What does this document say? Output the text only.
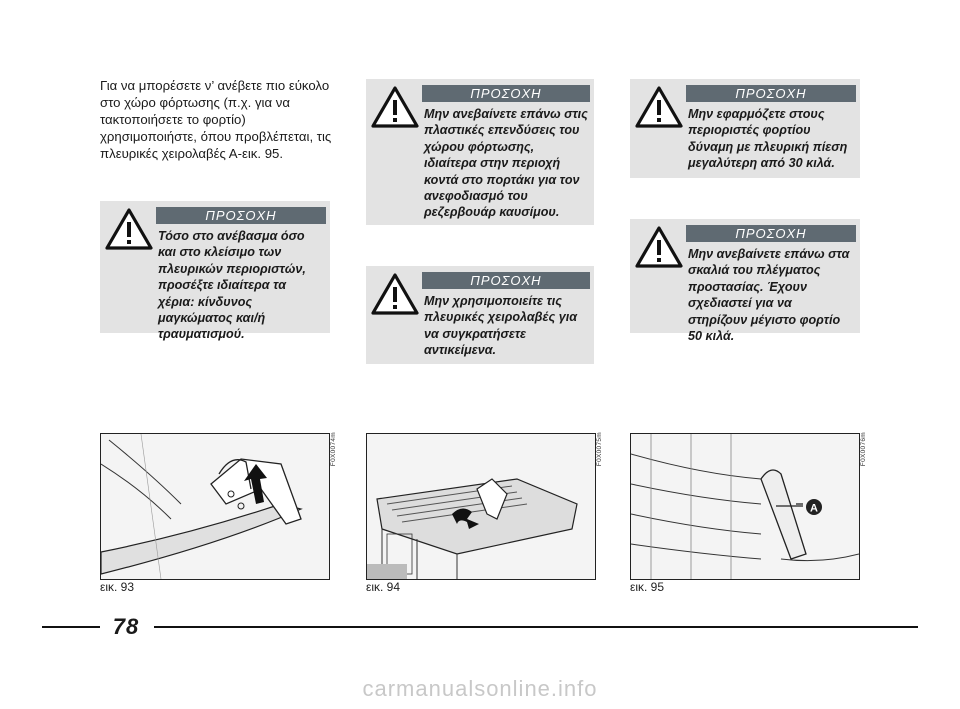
Για να μπορέσετε ν’ ανέβετε πιο εύκολο στο χώρο φόρτωσης (π.χ. για να τακτοποιήσετε το φορτίο) χρησιμοποιήστε, όπου προβλέπεται, τις πλευρικές χειρολαβές Α-εικ. 95.

ΠΡΟΣΟΧΗ

Τόσο στο ανέβασμα όσο και στο κλείσιμο των πλευρικών περιοριστών, προσέξτε ιδιαίτερα τα χέρια: κίνδυνος μαγκώματος και/ή τραυματισμού.

ΠΡΟΣΟΧΗ

Μην ανεβαίνετε επάνω στις πλαστικές επενδύσεις του χώρου φόρτωσης, ιδιαίτερα στην περιοχή κοντά στο πορτάκι για τον ανεφοδιασμό του ρεζερβουάρ καυσίμου.

ΠΡΟΣΟΧΗ

Μην χρησιμοποιείτε τις πλευρικές χειρολαβές για να συγκρατήσετε αντικείμενα.

ΠΡΟΣΟΧΗ

Μην εφαρμόζετε στους περιοριστές φορτίου δύναμη με πλευρική πίεση μεγαλύτερη από 30 κιλά.

ΠΡΟΣΟΧΗ

Μην ανεβαίνετε επάνω στα σκαλιά του πλέγματος προστασίας. Έχουν σχεδιαστεί για να στηρίζουν μέγιστο φορτίο 50 κιλά.

F0X0074m
εικ. 93
F0X0075m
εικ. 94
A
F0X0076m
εικ. 95
78
carmanualsonline.info
